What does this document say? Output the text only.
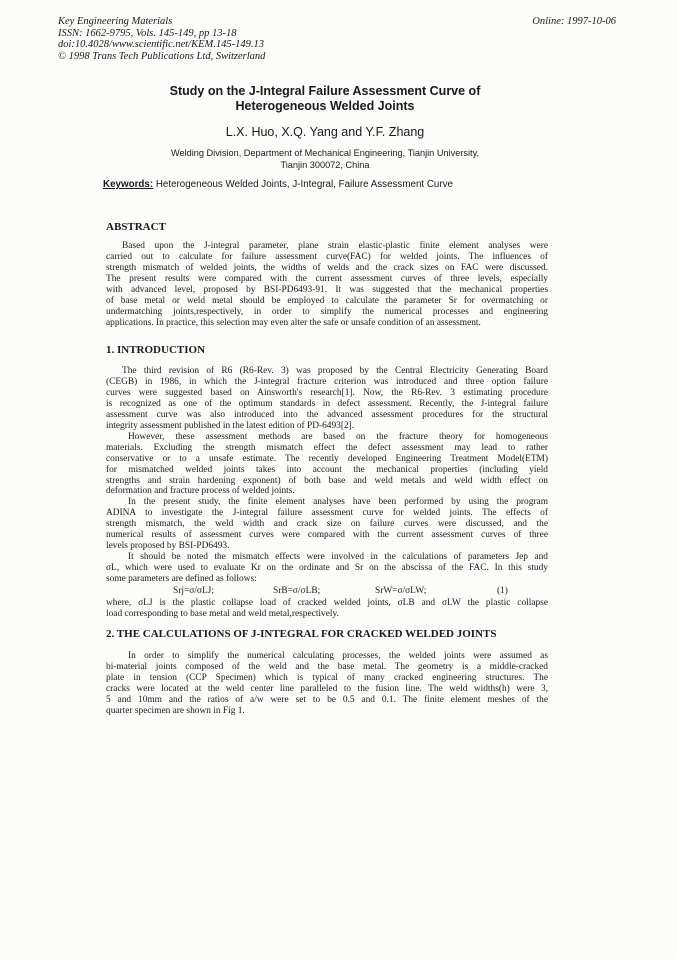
Key Engineering Materials
ISSN: 1662-9795, Vols. 145-149, pp 13-18
doi:10.4028/www.scientific.net/KEM.145-149.13
© 1998 Trans Tech Publications Ltd, Switzerland
Online: 1997-10-06
Study on the J-Integral Failure Assessment Curve of
Heterogeneous Welded Joints
L.X. Huo, X.Q. Yang and Y.F. Zhang
Welding Division, Department of Mechanical Engineering, Tianjin University,
Tianjin 300072, China
Keywords: Heterogeneous Welded Joints, J-Integral, Failure Assessment Curve
ABSTRACT
Based upon the J-integral parameter, plane strain elastic-plastic finite element analyses were
carried out to calculate for failure assessment curve(FAC) for welded joints. The influences of
strength mismatch of welded joints, the widths of welds and the crack sizes on FAC were discussed.
The present results were compared with the current assessment curves of three levels, especially
with advanced level, proposed by BSI-PD6493-91. It was suggested that the mechanical properties
of base metal or weld metal should be employed to calculate the parameter Sr for overmatching or
undermatching joints,respectively, in order to simplify the numerical processes and engineering
applications. In practice, this selection may even alter the safe or unsafe condition of an assessment.
1. INTRODUCTION
The third revision of R6 (R6-Rev. 3) was proposed by the Central Electricity Generating Board
(CEGB) in 1986, in which the J-integral fracture criterion was introduced and three option failure
curves were suggested based on Ainsworth's research[1]. Now, the R6-Rev. 3 estimating procedure
is recognized as one of the optimum standards in defect assessment. Recently, the J-integral failure
assessment curve was also introduced into the advanced assessment procedures for the structural
integrity assessment published in the latest edition of PD-6493[2].
However, these assessment methods are based on the fracture theory for homogeneous
materials. Excluding the strength mismatch effect the defect assessment may lead to rather
conservative or to a unsafe estimate. The recently developed Engineering Treatment Model(ETM)
for mismatched welded joints takes into account the mechanical properties (including yield
strengths and strain hardening exponent) of both base and weld metals and weld width effect on
deformation and fracture process of welded joints.
In the present study, the finite element analyses have been performed by using the program
ADINA to investigate the J-integral failure assessment curve for welded joints. The effects of
strength mismatch, the weld width and crack size on failure curves were discussed, and the
numerical results of assessment curves were compared with the current assessment curves of three
levels proposed by BSI-PD6493.
It should be noted the mismatch effects were involved in the calculations of parameters Jep and
σL, which were used to evaluate Kr on the ordinate and Sr on the abscissa of the FAC. In this study
some parameters are defined as follows:
Srj=σ/σLJ;	SrB=σ/σLB;	SrW=σ/σLW;	(1)
where, σLJ is the plastic collapse load of cracked welded joints, σLB and σLW the plastic collapse
load corresponding to base metal and weld metal,respectively.
2. THE CALCULATIONS OF J-INTEGRAL FOR CRACKED WELDED JOINTS
In order to simplify the numerical calculating processes, the welded joints were assumed as
bi-material joints composed of the weld and the base metal. The geometry is a middle-cracked
plate in tension (CCP Specimen) which is typical of many cracked engineering structures. The
cracks were located at the weld center line paralleled to the fusion line. The weld widths(h) were 3,
5 and 10mm and the ratios of a/w were set to be 0.5 and 0.1. The finite element meshes of the
quarter specimen are shown in Fig 1.
